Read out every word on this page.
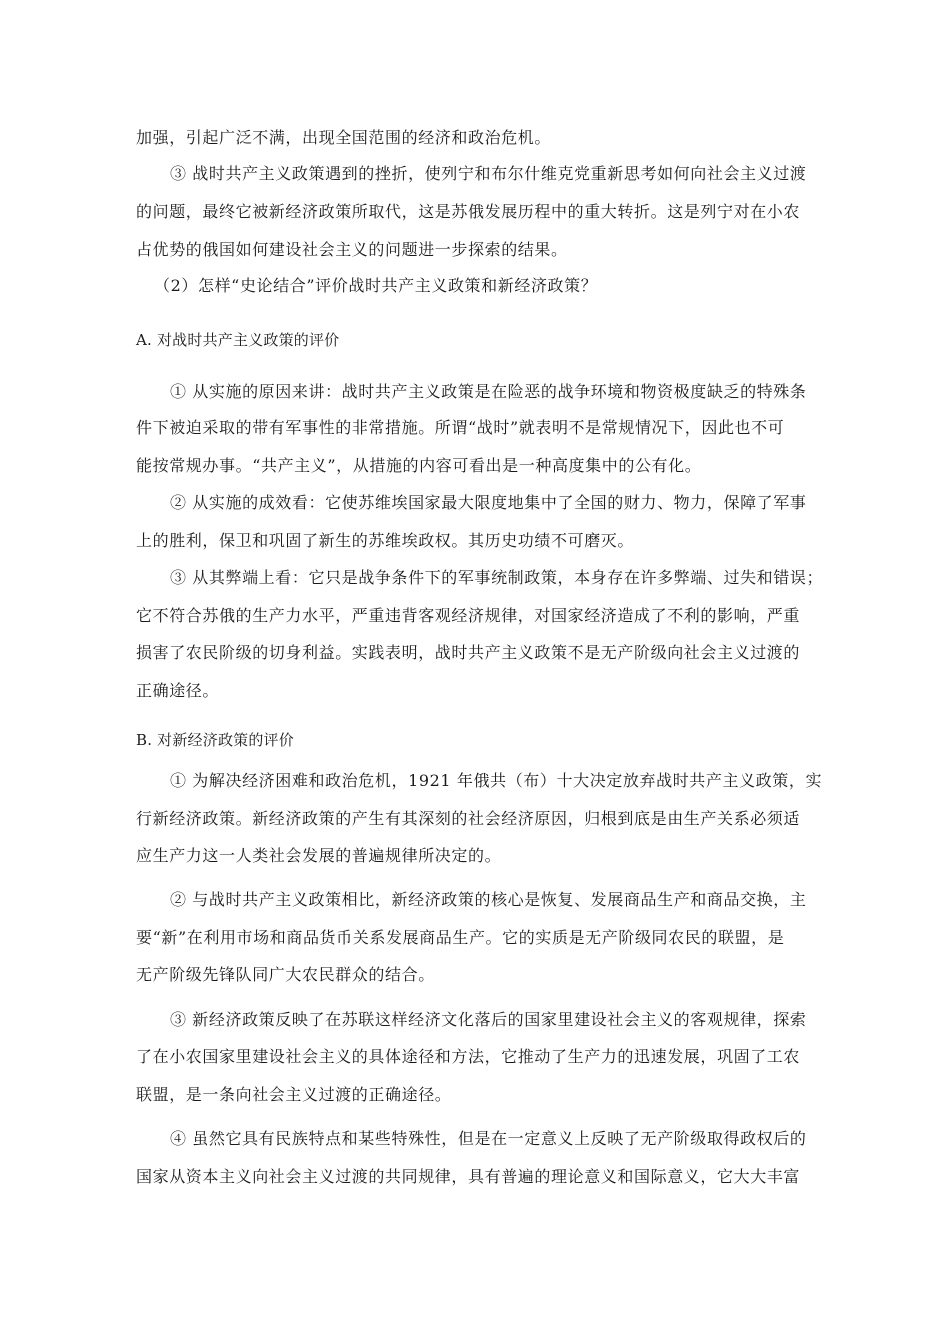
加强，引起广泛不满，出现全国范围的经济和政治危机。
③ 战时共产主义政策遇到的挫折，使列宁和布尔什维克党重新思考如何向社会主义过渡
的问题，最终它被新经济政策所取代，这是苏俄发展历程中的重大转折。这是列宁对在小农
占优势的俄国如何建设社会主义的问题进一步探索的结果。
（2）怎样“史论结合”评价战时共产主义政策和新经济政策？
A. 对战时共产主义政策的评价
① 从实施的原因来讲：战时共产主义政策是在险恶的战争环境和物资极度缺乏的特殊条
件下被迫采取的带有军事性的非常措施。所谓“战时”就表明不是常规情况下，因此也不可
能按常规办事。“共产主义”，从措施的内容可看出是一种高度集中的公有化。
② 从实施的成效看：它使苏维埃国家最大限度地集中了全国的财力、物力，保障了军事
上的胜利，保卫和巩固了新生的苏维埃政权。其历史功绩不可磨灭。
③ 从其弊端上看：它只是战争条件下的军事统制政策，本身存在许多弊端、过失和错误；
它不符合苏俄的生产力水平，严重违背客观经济规律，对国家经济造成了不利的影响，严重
损害了农民阶级的切身利益。实践表明，战时共产主义政策不是无产阶级向社会主义过渡的
正确途径。
B. 对新经济政策的评价
① 为解决经济困难和政治危机，1921 年俄共（布）十大决定放弃战时共产主义政策，实
行新经济政策。新经济政策的产生有其深刻的社会经济原因，归根到底是由生产关系必须适
应生产力这一人类社会发展的普遍规律所决定的。
② 与战时共产主义政策相比，新经济政策的核心是恢复、发展商品生产和商品交换，主
要“新”在利用市场和商品货币关系发展商品生产。它的实质是无产阶级同农民的联盟，是
无产阶级先锋队同广大农民群众的结合。
③ 新经济政策反映了在苏联这样经济文化落后的国家里建设社会主义的客观规律，探索
了在小农国家里建设社会主义的具体途径和方法，它推动了生产力的迅速发展，巩固了工农
联盟，是一条向社会主义过渡的正确途径。
④ 虽然它具有民族特点和某些特殊性，但是在一定意义上反映了无产阶级取得政权后的
国家从资本主义向社会主义过渡的共同规律，具有普遍的理论意义和国际意义，它大大丰富
